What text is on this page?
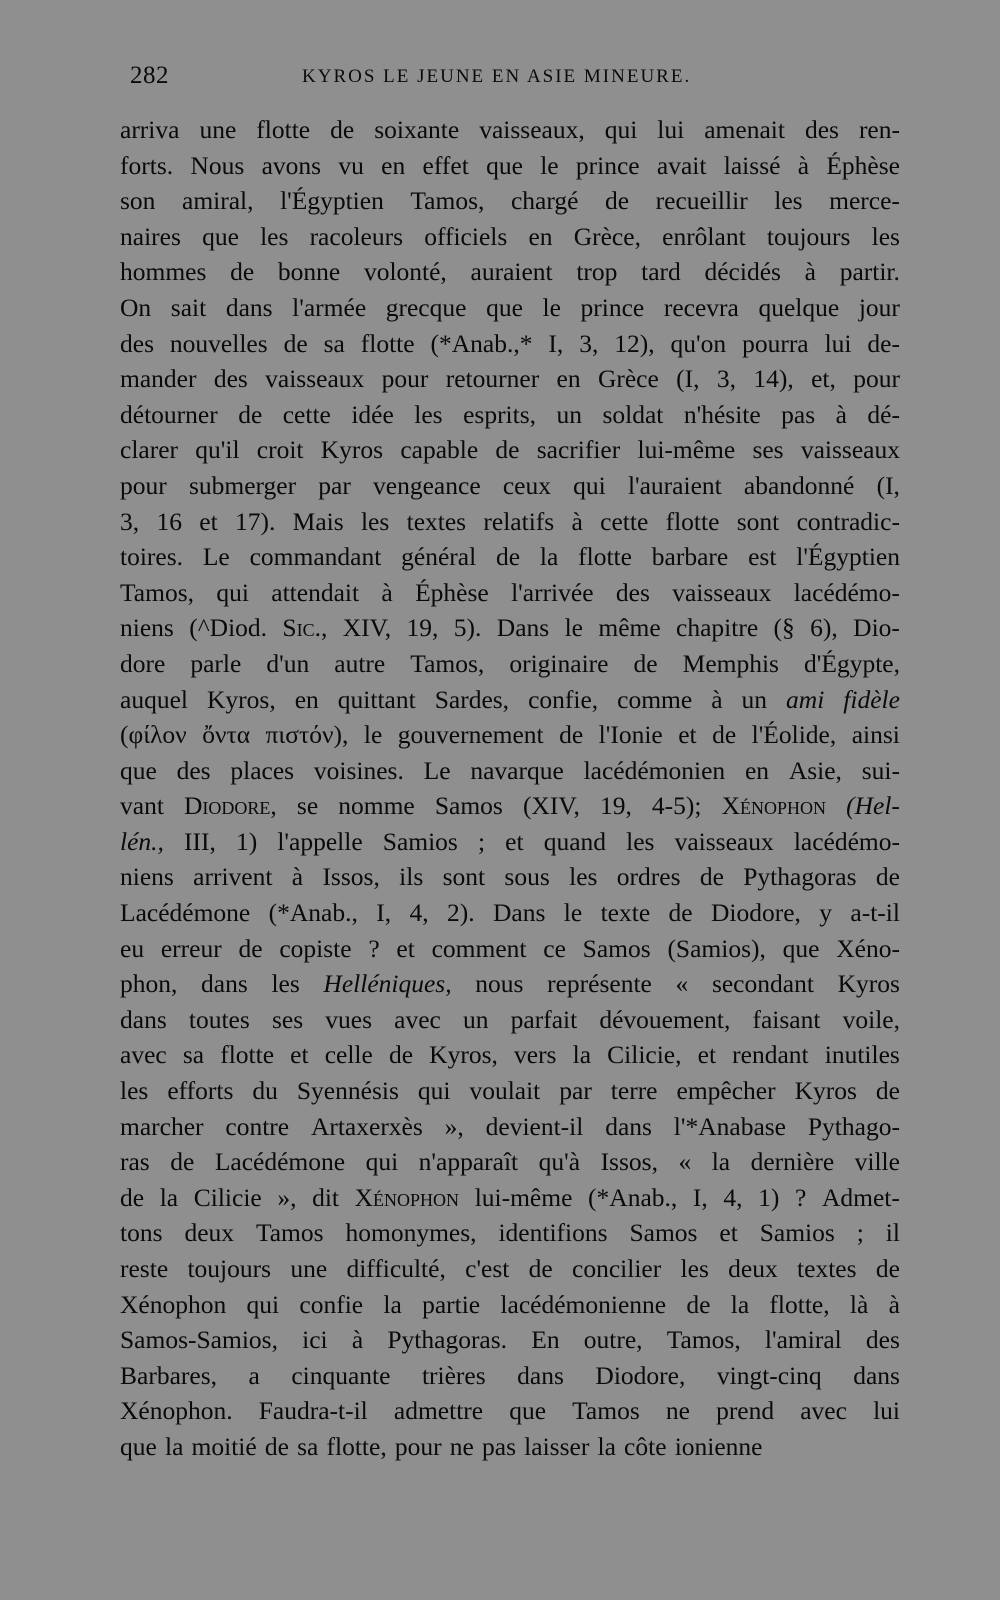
282	KYROS LE JEUNE EN ASIE MINEURE.
arriva une flotte de soixante vaisseaux, qui lui amenait des ren-
forts. Nous avons vu en effet que le prince avait laissé à Éphèse
son amiral, l'Égyptien Tamos, chargé de recueillir les merce-
naires que les racoleurs officiels en Grèce, enrôlant toujours les
hommes de bonne volonté, auraient trop tard décidés à partir.
On sait dans l'armée grecque que le prince recevra quelque jour
des nouvelles de sa flotte (*Anab.,* I, 3, 12), qu'on pourra lui de-
mander des vaisseaux pour retourner en Grèce (I, 3, 14), et, pour
détourner de cette idée les esprits, un soldat n'hésite pas à dé-
clarer qu'il croit Kyros capable de sacrifier lui-même ses vaisseaux
pour submerger par vengeance ceux qui l'auraient abandonné (I,
3, 16 et 17). Mais les textes relatifs à cette flotte sont contradic-
toires. Le commandant général de la flotte barbare est l'Égyptien
Tamos, qui attendait à Éphèse l'arrivée des vaisseaux lacédémo-
niens (^Diod. Sic., XIV, 19, 5). Dans le même chapitre (§ 6), Dio-
dore parle d'un autre Tamos, originaire de Memphis d'Égypte,
auquel Kyros, en quittant Sardes, confie, comme à un ami fidèle
(φίλον ὄντα πιστόν), le gouvernement de l'Ionie et de l'Éolide, ainsi
que des places voisines. Le navarque lacédémonien en Asie, sui-
vant Diodore, se nomme Samos (XIV, 19, 4-5); Xénophon (Hel-
lén., III, 1) l'appelle Samios ; et quand les vaisseaux lacédémo-
niens arrivent à Issos, ils sont sous les ordres de Pythagoras de
Lacédémone (*Anab., I, 4, 2). Dans le texte de Diodore, y a-t-il
eu erreur de copiste ? et comment ce Samos (Samios), que Xéno-
phon, dans les Helléniques, nous représente « secondant Kyros
dans toutes ses vues avec un parfait dévouement, faisant voile,
avec sa flotte et celle de Kyros, vers la Cilicie, et rendant inutiles
les efforts du Syennésis qui voulait par terre empêcher Kyros de
marcher contre Artaxerxès », devient-il dans l'*Anabase Pythago-
ras de Lacédémone qui n'apparaît qu'à Issos, « la dernière ville
de la Cilicie », dit Xénophon lui-même (*Anab., I, 4, 1) ? Admet-
tons deux Tamos homonymes, identifions Samos et Samios ; il
reste toujours une difficulté, c'est de concilier les deux textes de
Xénophon qui confie la partie lacédémonienne de la flotte, là à
Samos-Samios, ici à Pythagoras. En outre, Tamos, l'amiral des
Barbares, a cinquante trières dans Diodore, vingt-cinq dans
Xénophon. Faudra-t-il admettre que Tamos ne prend avec lui
que la moitié de sa flotte, pour ne pas laisser la côte ionienne
